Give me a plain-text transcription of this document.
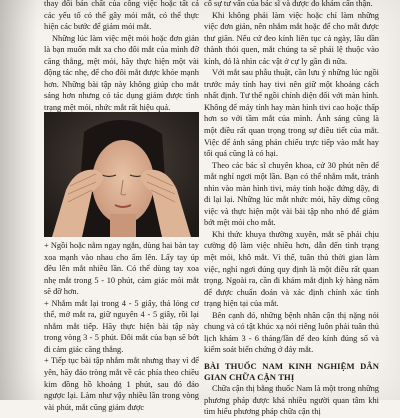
thay đổi bản chất của công việc hoặc tất cả các yếu tố có thể gây mỏi mắt, có thể thực hiện các bước để giảm mỏi mắt.

Những lúc làm việc mệt mỏi hoặc đơn giản là bạn muốn mắt xa cho đôi mắt của mình đỡ căng thẳng, mệt mỏi, hãy thực hiện một vài động tác nhẹ, để cho đôi mắt được khỏe mạnh hơn. Những bài tập này không giúp cho mắt sáng hơn nhưng có tác dụng giảm được tình trạng mệt mỏi, nhức mắt rất hiệu quả.

+ Ngồi hoặc nằm ngay ngắn, dùng hai bàn tay xoa mạnh vào nhau cho ấm lên. Lấy tay úp đều lên mắt nhiều lần. Có thể dùng tay xoa nhẹ mắt trong 5 - 10 phút, cảm giác mỏi mắt sẽ đỡ hơn.

+ Nhắm mắt lại trong 4 - 5 giây, thả lỏng cơ thể, mở mắt ra, giữ nguyên 4 - 5 giây, rồi lại nhắm mắt tiếp. Hãy thực hiện bài tập này trong vòng 3 - 5 phút. Đôi mắt của bạn sẽ bớt đi cảm giác căng thẳng.

+ Tiếp tục bài tập nhắm mắt nhưng thay vì để yên, hãy đảo tròng mắt về các phía theo chiều kim đồng hồ khoảng 1 phút, sau đó đảo ngược lại. Làm như vậy nhiều lần trong vòng vài phút, mắt cũng giảm được

cố sự tư vấn của bác sĩ và được đo khám cẩn thận.

Khi không phải làm việc hoặc chỉ làm những việc đơn giản, nên nhắm mắt hoặc để cho mắt được thư giãn. Nếu cứ đeo kính liên tục cả ngày, lâu dần thành thói quen, mắt chúng ta sẽ phải lệ thuộc vào kính, đó là nhìn các vật ở cự ly gần đi nữa.

Với mắt sau phẫu thuật, cần lưu ý những lúc ngồi trước máy tính hay tivi nên giữ một khoảng cách nhất định. Tư thế ngồi chính diện đối với màn hình. Không để máy tính hay màn hình tivi cao hoặc thấp hơn so với tầm mắt của mình. Ánh sáng cũng là một điều rất quan trọng trong sự điều tiết của mắt. Việc để ánh sáng phản chiếu trực tiếp vào mắt hay tối quá cũng là có hại.

Theo các bác sĩ chuyên khoa, cứ 30 phút nên để mắt nghỉ ngơi một lần. Bạn có thể nhắm mắt, tránh nhìn vào màn hình tivi, máy tính hoặc đứng dậy, đi đi lại lại. Những lúc mắt nhức mỏi, hãy dừng công việc và thực hiện một vài bài tập nho nhỏ để giảm bớt mệt mỏi cho mắt.

Khi thức khuya thường xuyên, mắt sẽ phải chịu cường độ làm việc nhiều hơn, dẫn đến tình trạng mệt mỏi, khô mắt. Vì thế, tuân thủ thời gian làm việc, nghỉ ngơi đúng quy định là một điều rất quan trọng. Ngoài ra, cần đi khám mắt định kỳ hàng năm để được chuẩn đoán và xác định chính xác tình trạng hiện tại của mắt.

Bên cạnh đó, những bệnh nhân cận thị nặng nói chung và có tật khúc xạ nói riêng luôn phải tuân thủ lịch khám 3 - 6 tháng/lần để đeo kính đúng số và kiểm soát biến chứng ở đáy mắt.

BÀI THUỐC NAM KINH NGHIỆM DÂN GIAN CHỮA CẬN THỊ

Chữa cận thị bằng thuốc Nam là một trong những phương pháp được khá nhiều người quan tâm khi tìm hiểu phương pháp chữa cận thị
